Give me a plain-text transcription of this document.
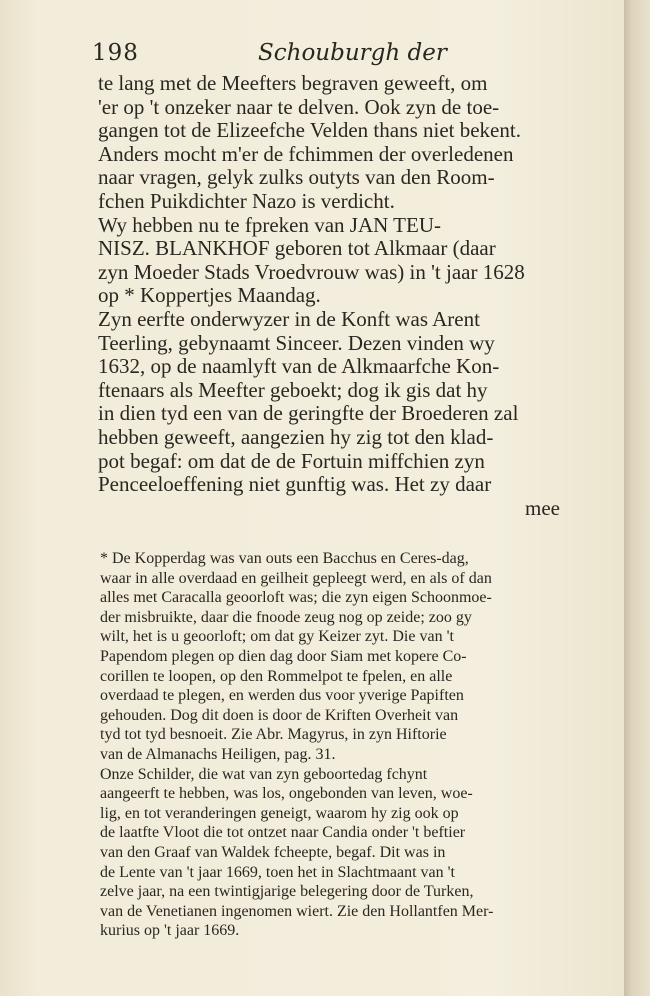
198	Schouburgh der
te lang met de Meefters begraven geweeft, om
'er op 't onzeker naar te delven. Ook zyn de toe-
gangen tot de Elizeefche Velden thans niet bekent.
Anders mocht m'er de fchimmen der overledenen
naar vragen, gelyk zulks outyts van den Room-
fchen Puikdichter Nazo is verdicht.
Wy hebben nu te fpreken van JAN TEU-
NISZ. BLANKHOF geboren tot Alkmaar (daar
zyn Moeder Stads Vroedvrouw was) in 't jaar 1628
op * Koppertjes Maandag.
Zyn eerfte onderwyzer in de Konft was Arent
Teerling, gebynaamt Sinceer. Dezen vinden wy
1632, op de naamlyft van de Alkmaarfche Kon-
ftenaars als Meefter geboekt; dog ik gis dat hy
in dien tyd een van de geringfte der Broederen zal
hebben geweeft, aangezien hy zig tot den klad-
pot begaf: om dat de de Fortuin miffchien zyn
Penceeloeffening niet gunftig was. Het zy daar
mee
* De Kopperdag was van outs een Bacchus en Ceres-dag,
waar in alle overdaad en geilheit gepleegt werd, en als of dan
alles met Caracalla geoorloft was; die zyn eigen Schoonmoe-
der misbruikte, daar die fnoode zeug nog op zeide; zoo gy
wilt, het is u geoorloft; om dat gy Keizer zyt. Die van 't
Papendom plegen op dien dag door Siam met kopere Co-
corillen te loopen, op den Rommelpot te fpelen, en alle
overdaad te plegen, en werden dus voor yverige Papiften
gehouden. Dog dit doen is door de Kriften Overheit van
tyd tot tyd besnoeit. Zie Abr. Magyrus, in zyn Hiftorie
van de Almanachs Heiligen, pag. 31.
Onze Schilder, die wat van zyn geboortedag fchynt
aangeerft te hebben, was los, ongebonden van leven, woe-
lig, en tot veranderingen geneigt, waarom hy zig ook op
de laatfte Vloot die tot ontzet naar Candia onder 't beftier
van den Graaf van Waldek fcheepte, begaf. Dit was in
de Lente van 't jaar 1669, toen het in Slachtmaant van 't
zelve jaar, na een twintigjarige belegering door de Turken,
van de Venetianen ingenomen wiert. Zie den Hollantfen Mer-
kurius op 't jaar 1669.
